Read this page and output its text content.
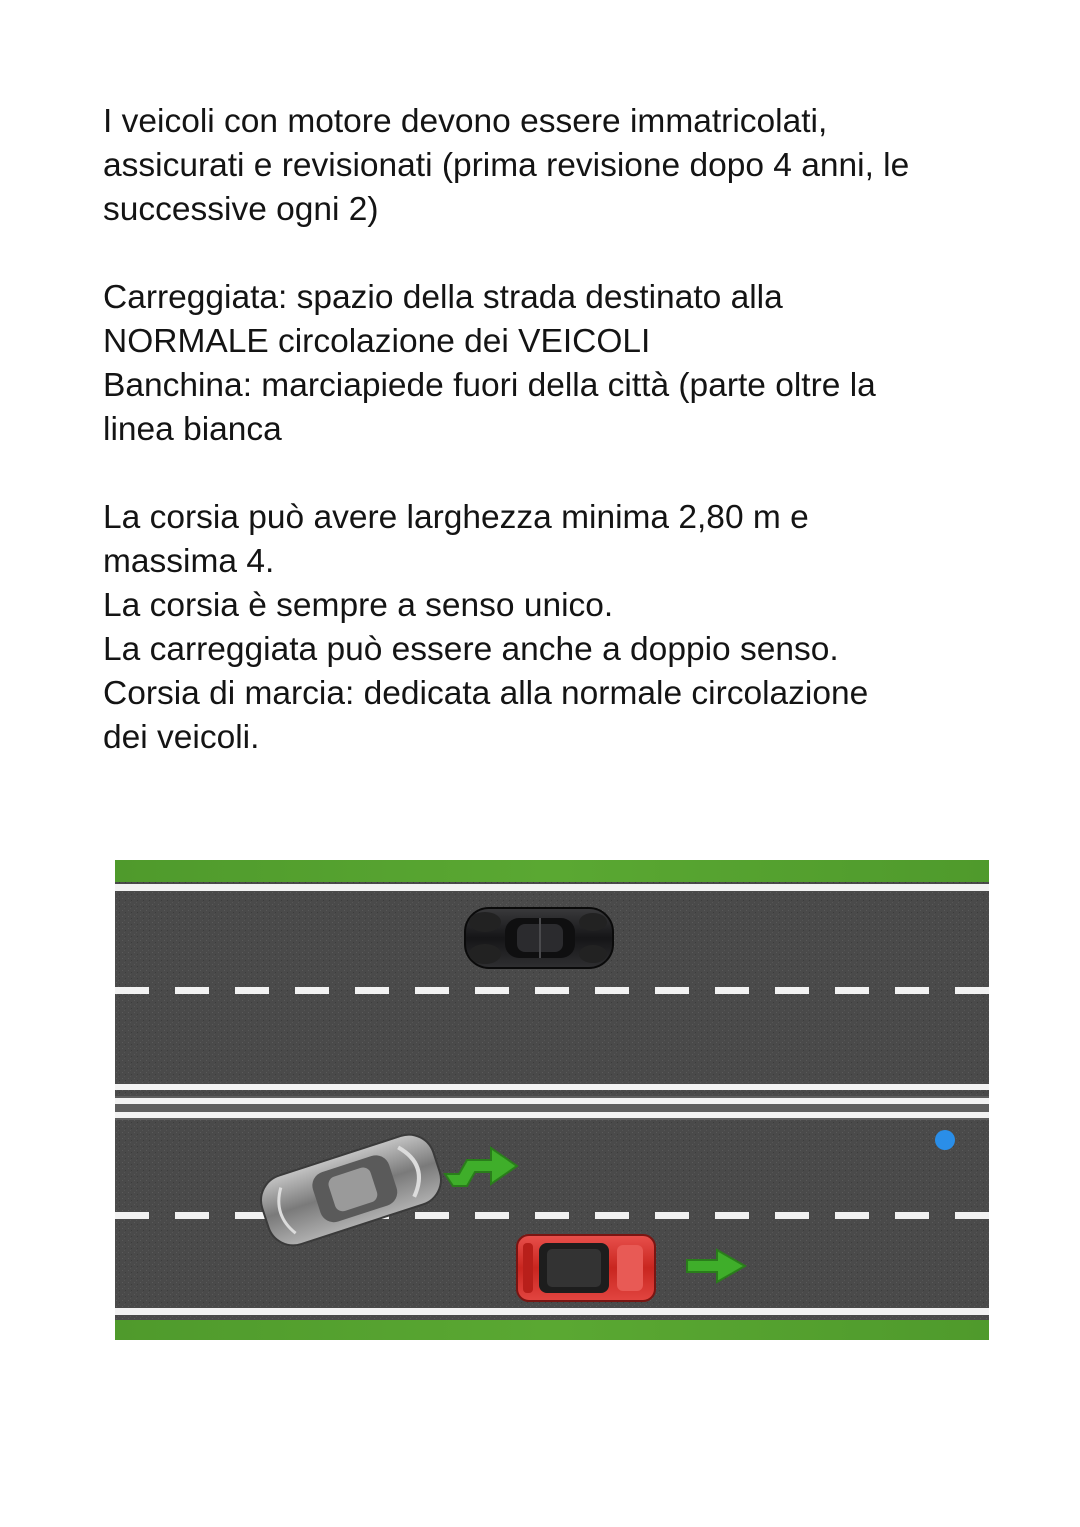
I veicoli con motore devono essere immatricolati,
assicurati e revisionati (prima revisione dopo 4 anni, le
successive ogni 2)

Carreggiata: spazio della strada destinato alla
NORMALE circolazione dei VEICOLI
Banchina: marciapiede fuori della città (parte oltre la
linea bianca

La corsia può avere larghezza minima 2,80 m e
massima 4.
La corsia è sempre a senso unico.
La carreggiata può essere anche a doppio senso.
Corsia di marcia: dedicata alla normale circolazione
dei veicoli.
